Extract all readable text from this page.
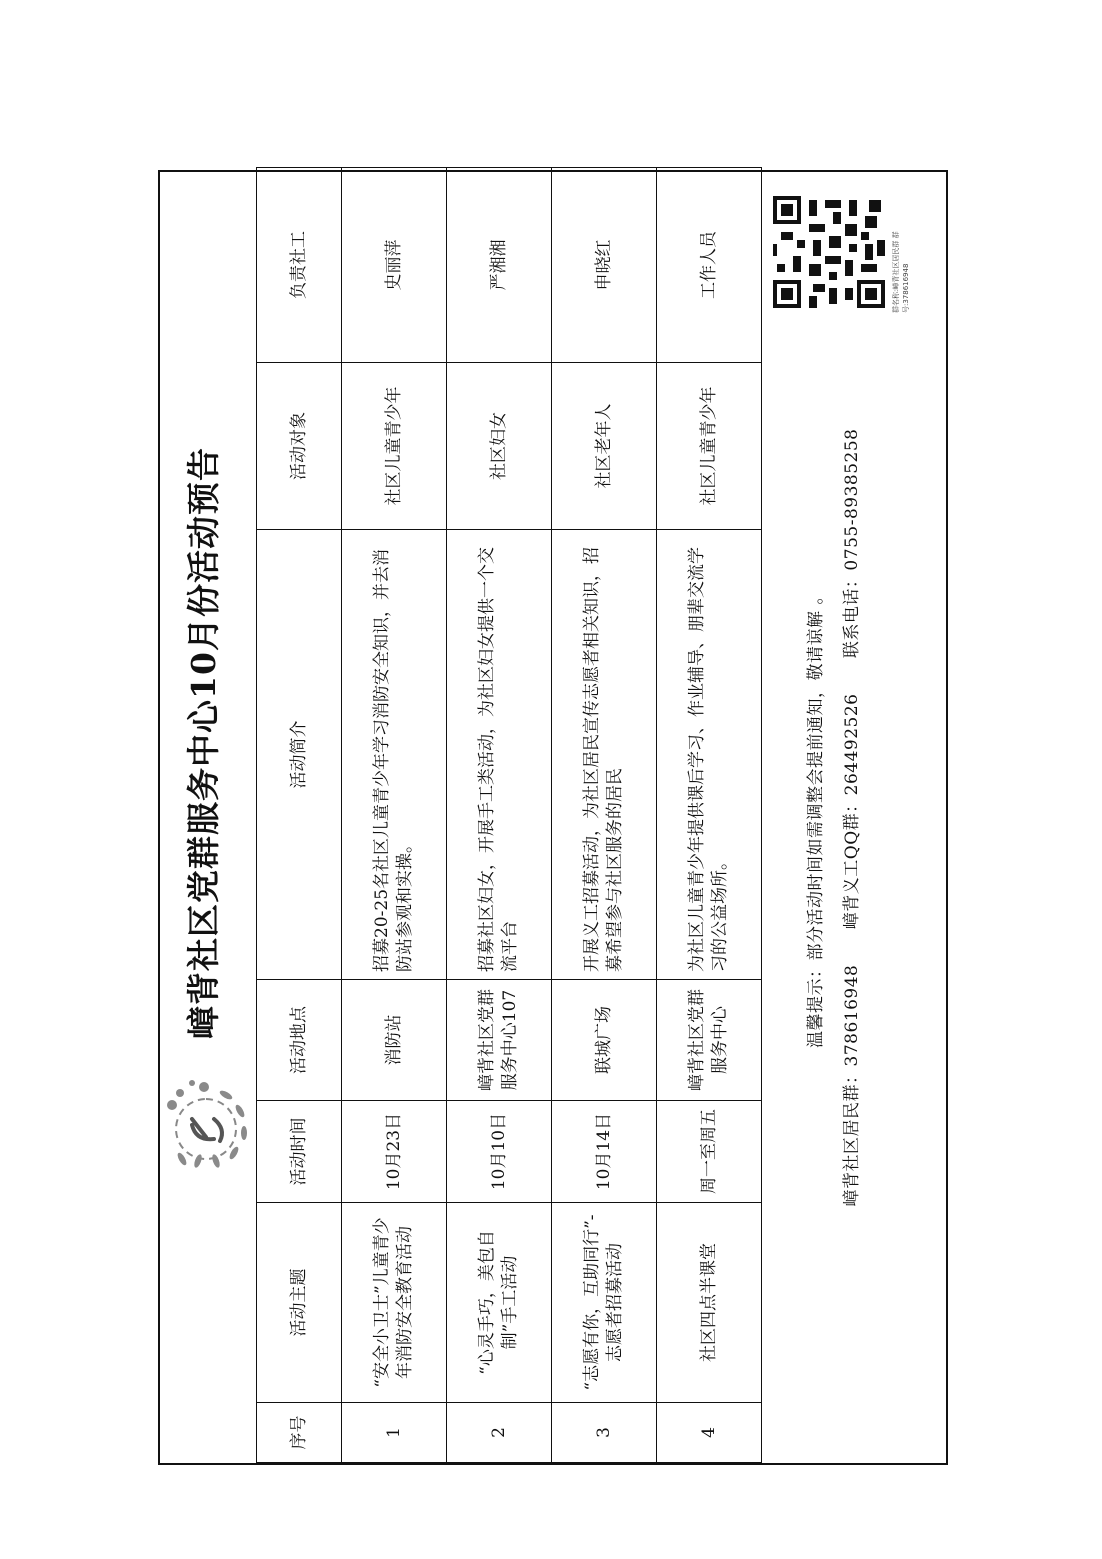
嶂背社区党群服务中心10月份活动预告
序号	活动主题	活动时间	活动地点	活动简介	活动对象	负责社工
1	“安全小卫士”儿童青少年消防安全教育活动	10月23日	消防站	招募20-25名社区儿童青少年学习消防安全知识，并去消防站参观和实操。	社区儿童青少年	史丽萍
2	“心灵手巧，美包自制”手工活动	10月10日	嶂背社区党群服务中心107	招募社区妇女，开展手工类活动，为社区妇女提供一个交流平台	社区妇女	严湘湘
3	“志愿有你，互助同行”-志愿者招募活动	10月14日	联城广场	开展义工招募活动，为社区居民宣传志愿者相关知识，招募希望参与社区服务的居民	社区老年人	申晓红
4	社区四点半课堂	周一至周五	嶂背社区党群服务中心	为社区儿童青少年提供课后学习、作业辅导、朋辈交流学习的公益场所。	社区儿童青少年	工作人员
温馨提示：部分活动时间如需调整会提前通知，敬请谅解 。
嶂背社区居民群：378616948      嶂背义工QQ群：264492526      联系电话：0755-89385258
群名称:嶂背社区居民群 群号:378616948
